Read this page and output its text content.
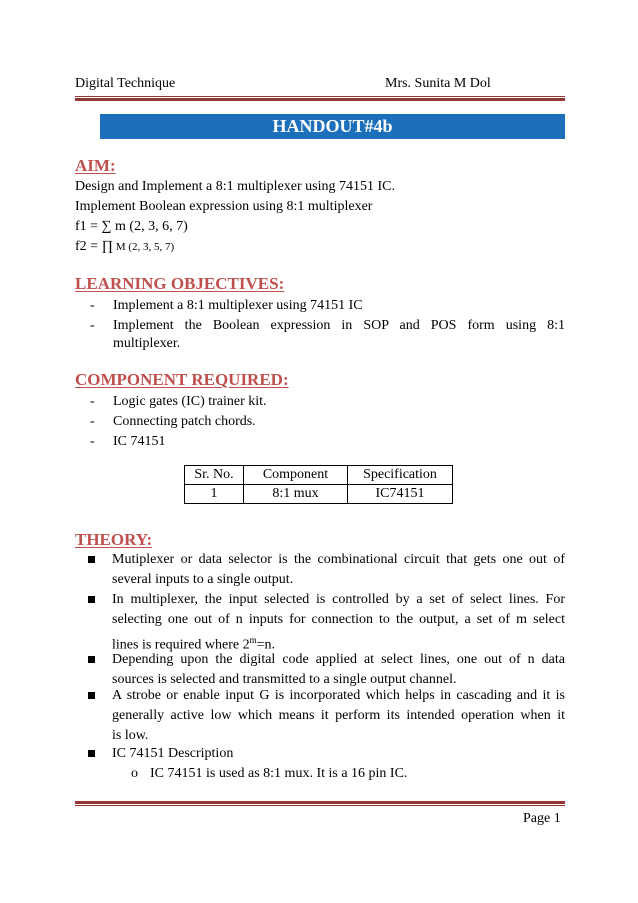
Digital Technique	Mrs. Sunita M Dol
HANDOUT#4b
AIM:
Design and Implement a 8:1 multiplexer using 74151 IC.
Implement Boolean expression using 8:1 multiplexer
f1 = ∑ m (2, 3, 6, 7)
f2 = ∏ M (2, 3, 5, 7)
LEARNING OBJECTIVES:
-	Implement a 8:1 multiplexer using 74151 IC
-	Implement the Boolean expression in SOP and POS form using 8:1
multiplexer.
COMPONENT REQUIRED:
-	Logic gates (IC) trainer kit.
-	Connecting patch chords.
-	IC 74151
Sr. No.	Component	Specification
1	8:1 mux	IC74151
THEORY:
Mutiplexer or data selector is the combinational circuit that gets one out of
several inputs to a single output.
In multiplexer, the input selected is controlled by a set of select lines. For
selecting one out of n inputs for connection to the output, a set of m select
lines is required where $2^m=n$.
Depending upon the digital code applied at select lines, one out of n data
sources is selected and transmitted to a single output channel.
A strobe or enable input G is incorporated which helps in cascading and it is
generally active low which means it perform its intended operation when it
is low.
IC 74151 Description
o IC 74151 is used as 8:1 mux. It is a 16 pin IC.
Page 1
